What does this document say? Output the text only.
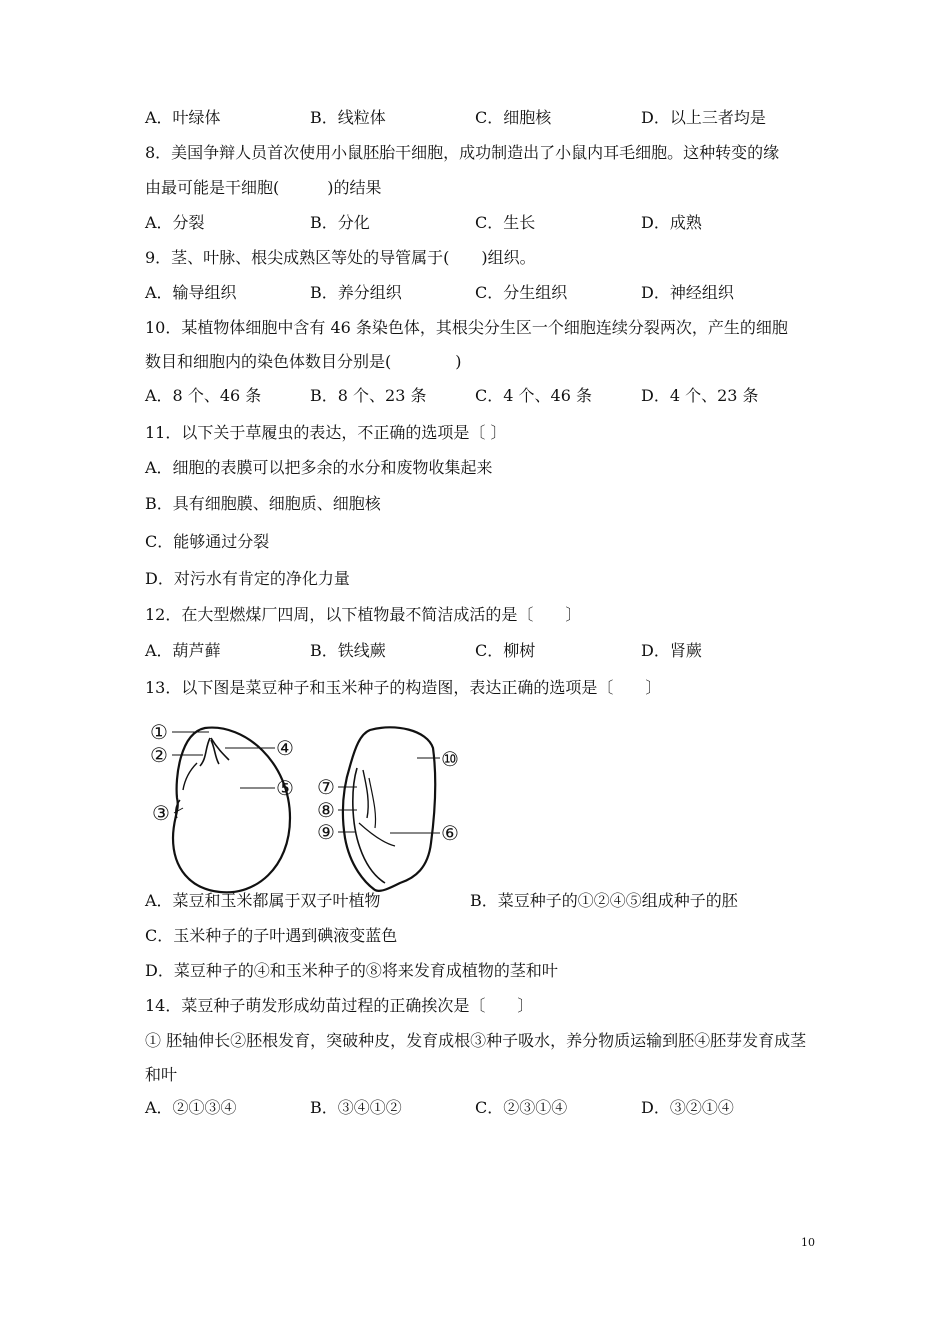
A．叶绿体	B．线粒体	C．细胞核	D．以上三者均是
8．美国争辩人员首次使用小鼠胚胎干细胞，成功制造出了小鼠内耳毛细胞。这种转变的缘
由最可能是干细胞(　　　)的结果
A．分裂	B．分化	C．生长	D．成熟
9．茎、叶脉、根尖成熟区等处的导管属于(　　)组织。
A．输导组织	B．养分组织	C．分生组织	D．神经组织
10．某植物体细胞中含有 46 条染色体，其根尖分生区一个细胞连续分裂两次，产生的细胞
数目和细胞内的染色体数目分别是(　　　　)
A．8 个、46 条	B．8 个、23 条	C．4 个、46 条	D．4 个、23 条
11．以下关于草履虫的表达，不正确的选项是〔 〕
A．细胞的表膜可以把多余的水分和废物收集起来
B．具有细胞膜、细胞质、细胞核
C．能够通过分裂
D．对污水有肯定的净化力量
12．在大型燃煤厂四周，以下植物最不简洁成活的是〔　　〕
A．葫芦藓	B．铁线蕨	C．柳树	D．肾蕨
13．以下图是菜豆种子和玉米种子的构造图，表达正确的选项是〔　　〕
A．菜豆和玉米都属于双子叶植物	B．菜豆种子的①②④⑤组成种子的胚
①
②
③
④
⑤ ⑦
⑧
⑨
⑩
⑥
C．玉米种子的子叶遇到碘液变蓝色
D．菜豆种子的④和玉米种子的⑧将来发育成植物的茎和叶
14．菜豆种子萌发形成幼苗过程的正确挨次是〔　　〕
① 胚轴伸长②胚根发育，突破种皮，发育成根③种子吸水，养分物质运输到胚④胚芽发育成茎
和叶
A．②①③④	B．③④①②	C．②③①④	D．③②①④
10
